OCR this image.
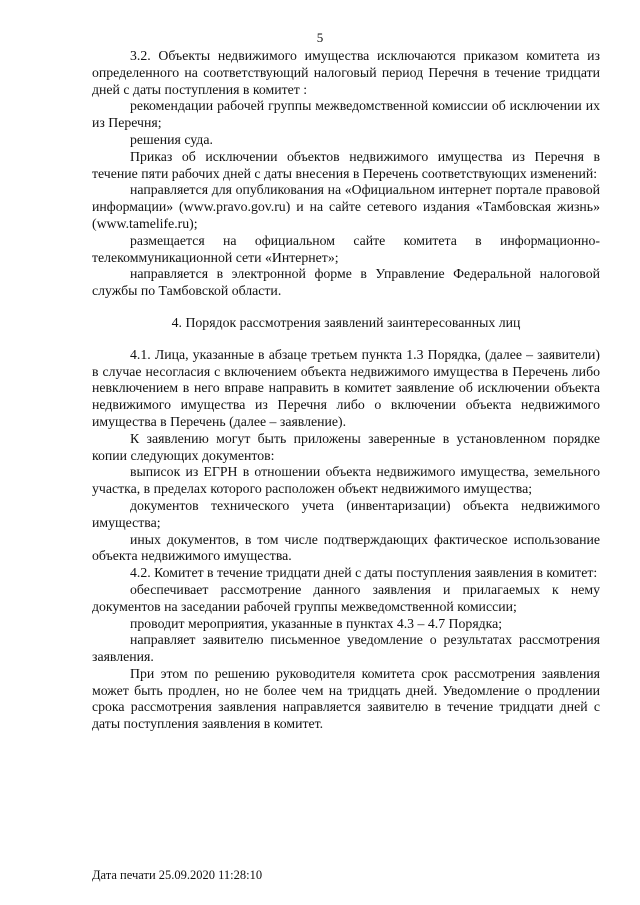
5

3.2. Объекты недвижимого имущества исключаются приказом комитета из определенного на соответствующий налоговый период Перечня в течение тридцати дней с даты поступления в комитет :

рекомендации рабочей группы межведомственной комиссии об исключении их из Перечня;

решения суда.

Приказ об исключении объектов недвижимого имущества из Перечня в течение пяти рабочих дней с даты внесения в Перечень соответствующих изменений:

направляется для опубликования на «Официальном интернет портале правовой информации» (www.pravo.gov.ru) и на сайте сетевого издания «Тамбовская жизнь» (www.tamelife.ru);

размещается на официальном сайте комитета в информационно-телекоммуникационной сети «Интернет»;

направляется в электронной форме в Управление Федеральной налоговой службы по Тамбовской области.

4. Порядок рассмотрения заявлений заинтересованных лиц

4.1. Лица, указанные в абзаце третьем пункта 1.3 Порядка, (далее – заявители) в случае несогласия с включением объекта недвижимого имущества в Перечень либо невключением в него вправе направить в комитет заявление об исключении объекта недвижимого имущества из Перечня либо о включении объекта недвижимого имущества в Перечень (далее – заявление).

К заявлению могут быть приложены заверенные в установленном порядке копии следующих документов:

выписок из ЕГРН в отношении объекта недвижимого имущества, земельного участка, в пределах которого расположен объект недвижимого имущества;

документов технического учета (инвентаризации) объекта недвижимого имущества;

иных документов, в том числе подтверждающих фактическое использование объекта недвижимого имущества.

4.2. Комитет в течение тридцати дней с даты поступления заявления в комитет:

обеспечивает рассмотрение данного заявления и прилагаемых к нему документов на заседании рабочей группы межведомственной комиссии;

проводит мероприятия, указанные в пунктах 4.3 – 4.7 Порядка;

направляет заявителю письменное уведомление о результатах рассмотрения заявления.

При этом по решению руководителя комитета срок рассмотрения заявления может быть продлен, но не более чем на тридцать дней. Уведомление о продлении срока рассмотрения заявления направляется заявителю в течение тридцати дней с даты поступления заявления в комитет.

Дата печати 25.09.2020 11:28:10
